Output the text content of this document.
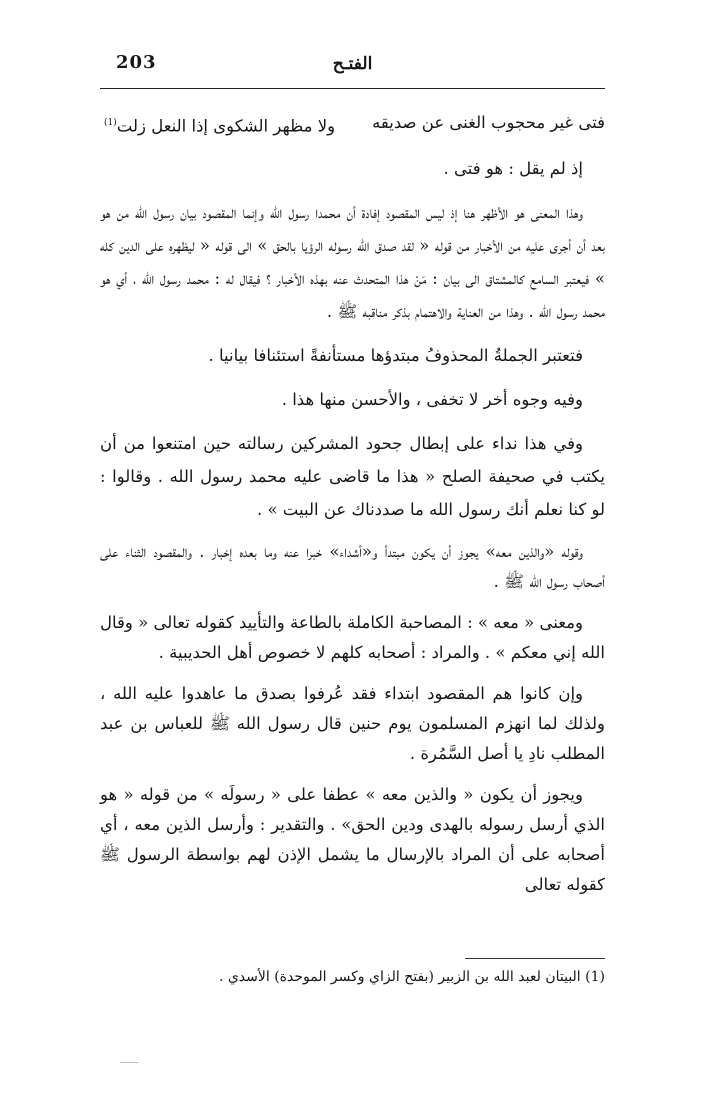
الفتـح
203
فتى غير محجوب الغنى عن صديقه
ولا مظهر الشكوى إذا النعل زلت$^{(1)}$

إذ لم يقل : هو فتى .

وهذا المعنى هو الأظهر هنا إذ ليس المقصود إفادة أن محمدا رسول الله وإنما المقصود بيان رسول الله من هو بعد أن أجرى عليه من الأخبار من قوله « لقد صدق الله رسوله الرؤيا بالحق » الى قوله « ليظهره على الدين كله » فيعتبر السامع كالمشتاق الى بيان : مَنْ هذا المتحدث عنه بهذه الأخبار ؟ فيقال له : محمد رسول الله ، أي هو محمد رسول الله . وهذا من العناية والاهتمام بذكر مناقبه ﷺ .

فتعتبر الجملةُ المحذوفُ مبتدؤها مستأنفةً استئنافا بيانيا .

وفيه وجوه أخر لا تخفى ، والأحسن منها هذا .

وفي هذا نداء على إبطال جحود المشركين رسالته حين امتنعوا من أن يكتب في صحيفة الصلح « هذا ما قاضى عليه محمد رسول الله . وقالوا : لو كنا نعلم أنك رسول الله ما صددناك عن البيت » .

وقوله «والذين معه» يجوز أن يكون مبتدأ و«أشداء» خبرا عنه وما بعده إخبار . والمقصود الثناء على أصحاب رسول الله ﷺ .

ومعنى « معه » : المصاحبة الكاملة بالطاعة والتأييد كقوله تعالى « وقال الله إني معكم » . والمراد : أصحابه كلهم لا خصوص أهل الحديبية .

وإن كانوا هم المقصود ابتداء فقد عُرفوا بصدق ما عاهدوا عليه الله ، ولذلك لما انهزم المسلمون يوم حنين قال رسول الله ﷺ للعباس بن عبد المطلب نادِ يا أصل السَّمُرة .

ويجوز أن يكون « والذين معه » عطفا على « رسولَه » من قوله « هو الذي أرسل رسوله بالهدى ودين الحق» . والتقدير : وأرسل الذين معه ، أي أصحابه على أن المراد بالإرسال ما يشمل الإذن لهم بواسطة الرسول ﷺ كقوله تعالى

(1) البيتان لعبد الله بن الزبير (بفتح الزاي وكسر الموحدة) الأسدي .
